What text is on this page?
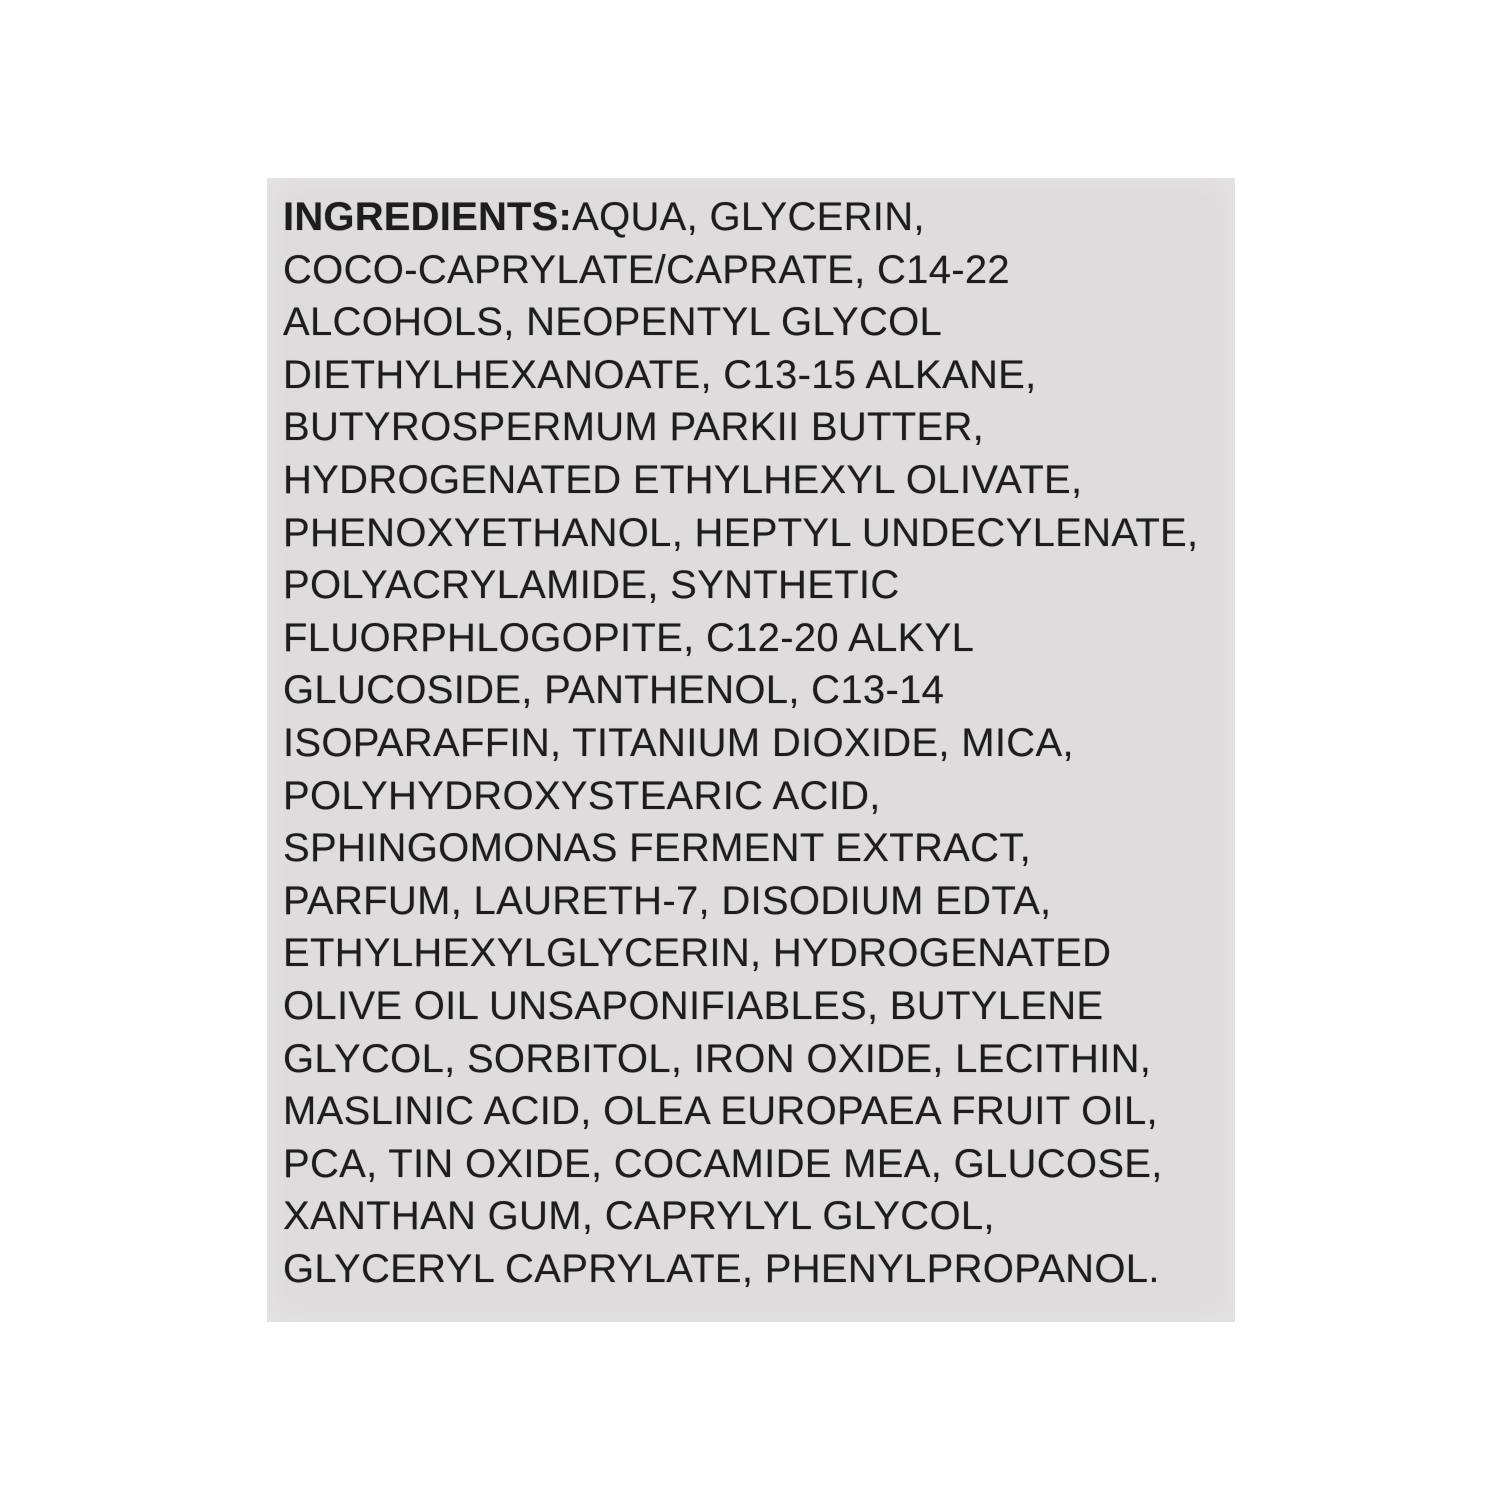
INGREDIENTS:AQUA, GLYCERIN,
COCO-CAPRYLATE/CAPRATE, C14-22
ALCOHOLS, NEOPENTYL GLYCOL
DIETHYLHEXANOATE, C13-15 ALKANE,
BUTYROSPERMUM PARKII BUTTER,
HYDROGENATED ETHYLHEXYL OLIVATE,
PHENOXYETHANOL, HEPTYL UNDECYLENATE,
POLYACRYLAMIDE, SYNTHETIC
FLUORPHLOGOPITE, C12-20 ALKYL
GLUCOSIDE, PANTHENOL, C13-14
ISOPARAFFIN, TITANIUM DIOXIDE, MICA,
POLYHYDROXYSTEARIC ACID,
SPHINGOMONAS FERMENT EXTRACT,
PARFUM, LAURETH-7, DISODIUM EDTA,
ETHYLHEXYLGLYCERIN, HYDROGENATED
OLIVE OIL UNSAPONIFIABLES, BUTYLENE
GLYCOL, SORBITOL, IRON OXIDE, LECITHIN,
MASLINIC ACID, OLEA EUROPAEA FRUIT OIL,
PCA, TIN OXIDE, COCAMIDE MEA, GLUCOSE,
XANTHAN GUM, CAPRYLYL GLYCOL,
GLYCERYL CAPRYLATE, PHENYLPROPANOL.
